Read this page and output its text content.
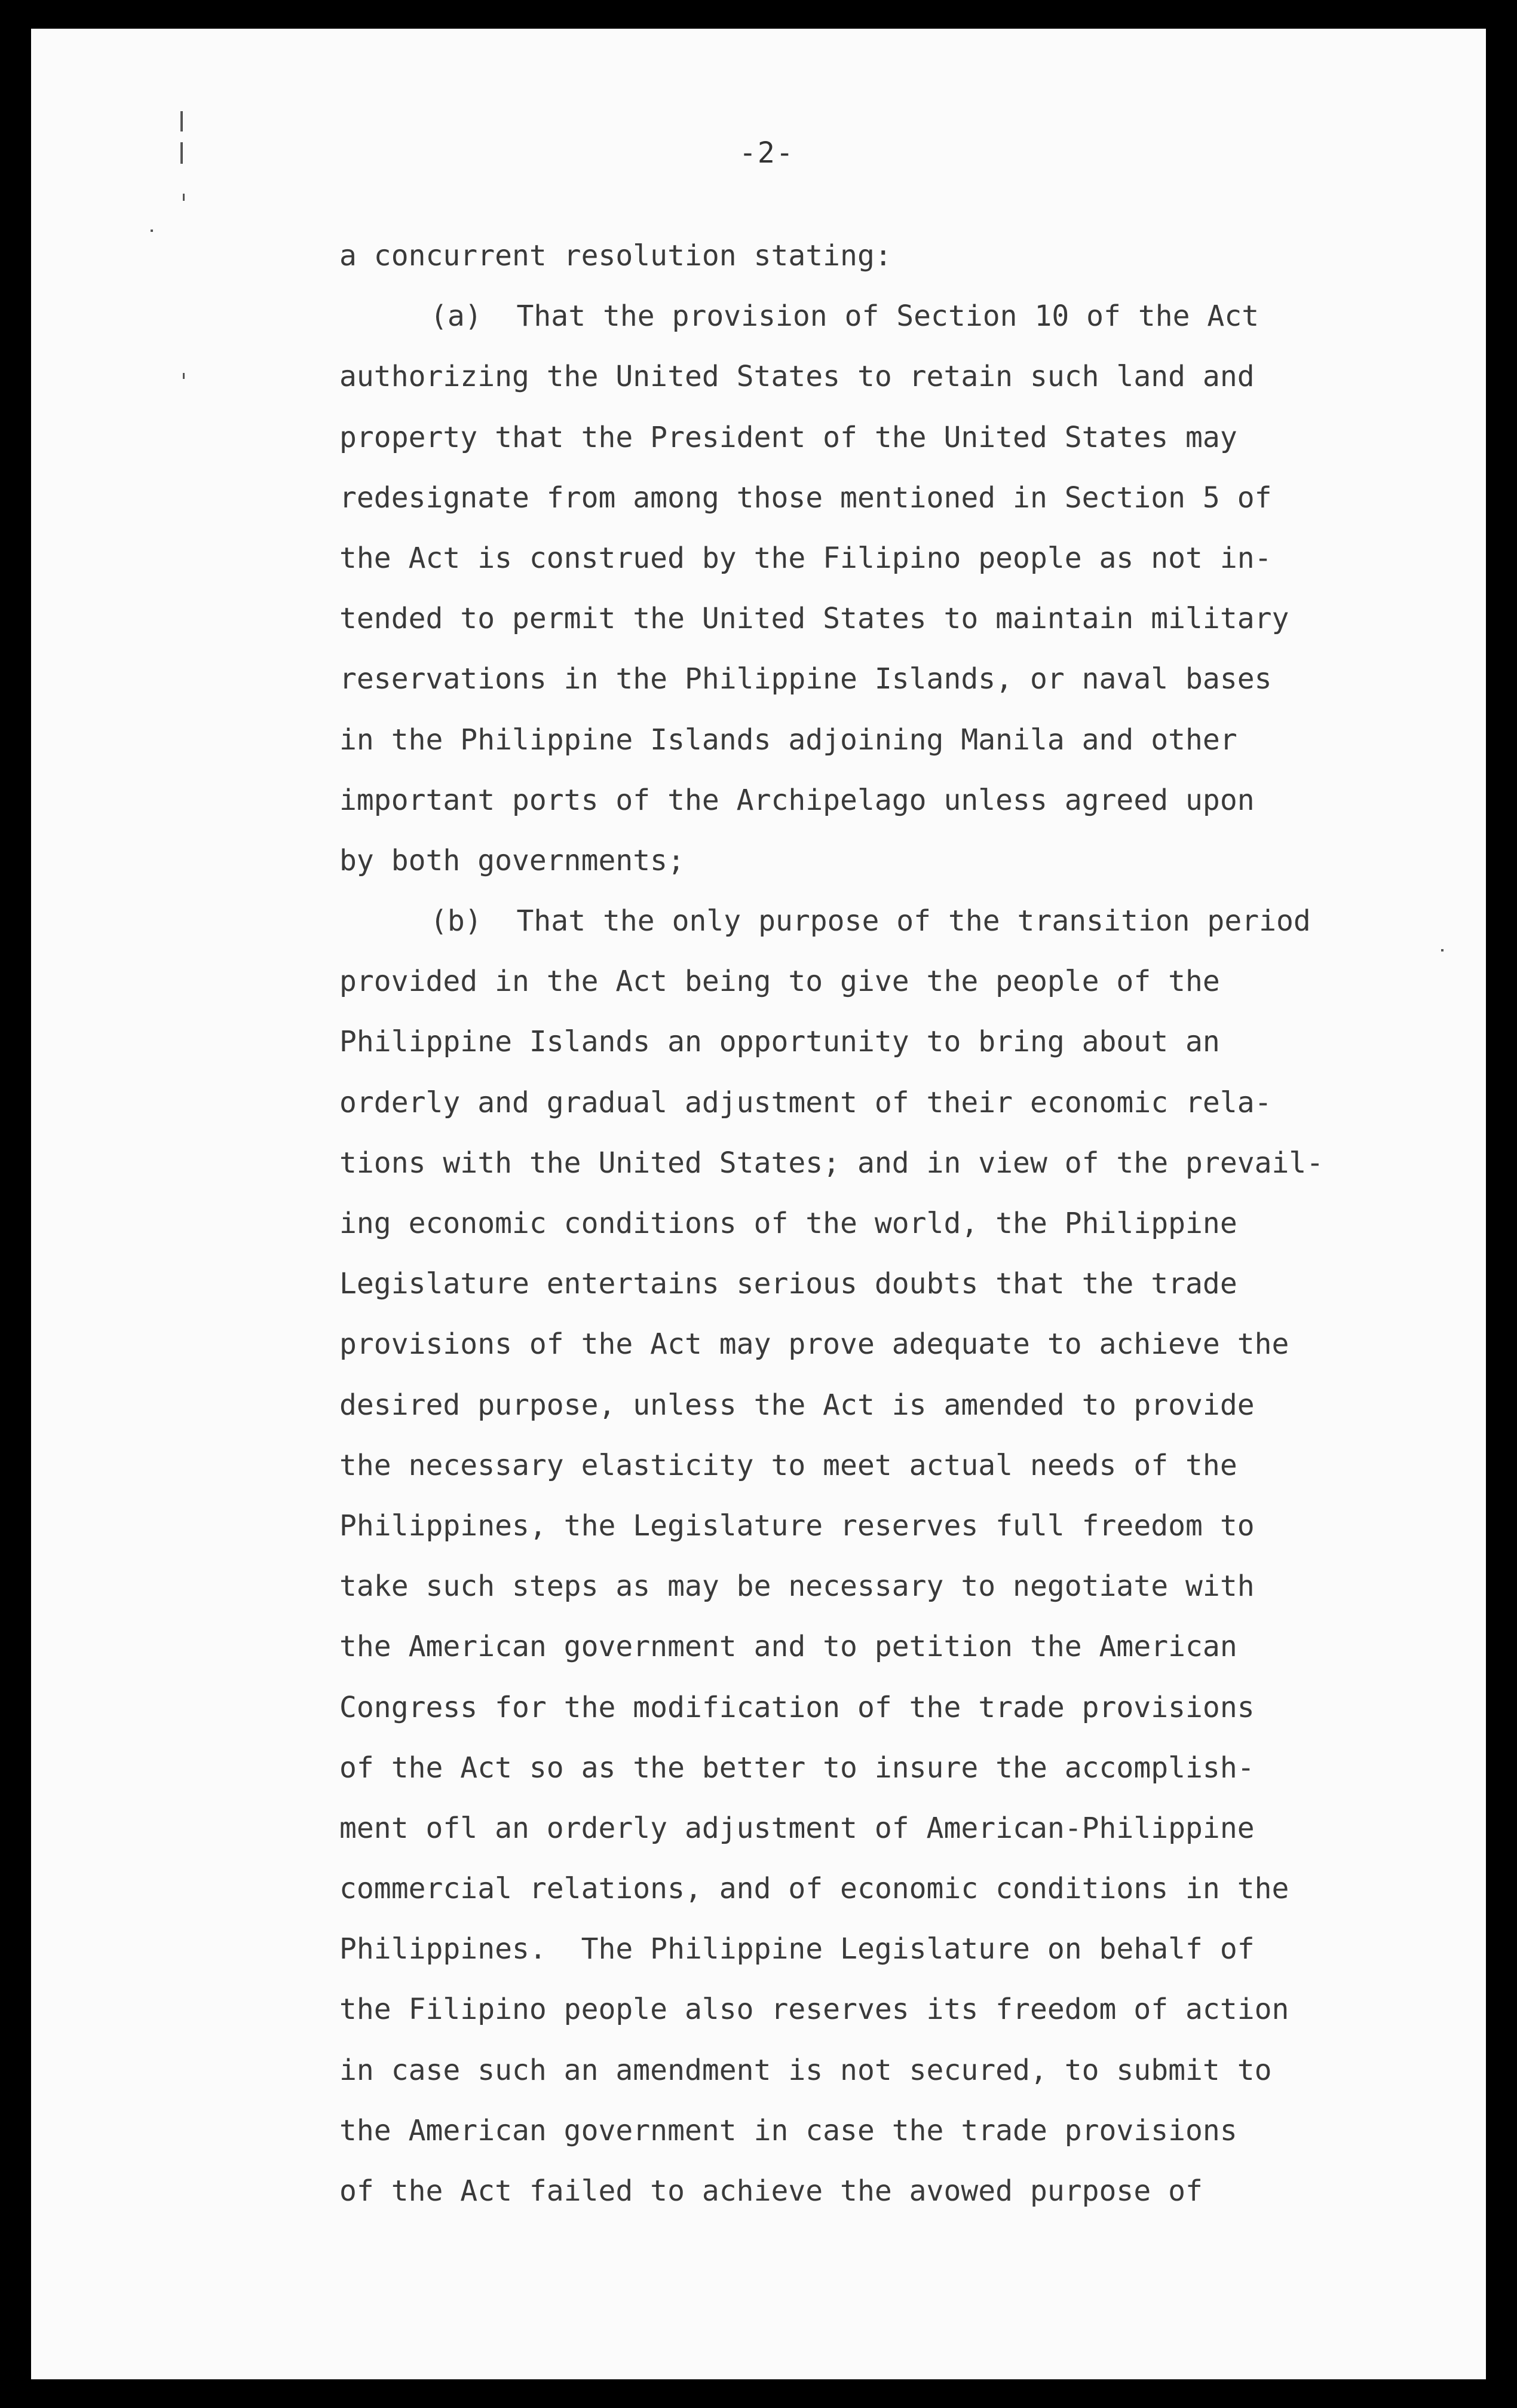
-2-
a concurrent resolution stating:
(a)  That the provision of Section 10 of the Act
authorizing the United States to retain such land and
property that the President of the United States may
redesignate from among those mentioned in Section 5 of
the Act is construed by the Filipino people as not in-
tended to permit the United States to maintain military
reservations in the Philippine Islands, or naval bases
in the Philippine Islands adjoining Manila and other
important ports of the Archipelago unless agreed upon
by both governments;
(b)  That the only purpose of the transition period
provided in the Act being to give the people of the
Philippine Islands an opportunity to bring about an
orderly and gradual adjustment of their economic rela-
tions with the United States; and in view of the prevail-
ing economic conditions of the world, the Philippine
Legislature entertains serious doubts that the trade
provisions of the Act may prove adequate to achieve the
desired purpose, unless the Act is amended to provide
the necessary elasticity to meet actual needs of the
Philippines, the Legislature reserves full freedom to
take such steps as may be necessary to negotiate with
the American government and to petition the American
Congress for the modification of the trade provisions
of the Act so as the better to insure the accomplish-
ment ofl an orderly adjustment of American-Philippine
commercial relations, and of economic conditions in the
Philippines.  The Philippine Legislature on behalf of
the Filipino people also reserves its freedom of action
in case such an amendment is not secured, to submit to
the American government in case the trade provisions
of the Act failed to achieve the avowed purpose of
